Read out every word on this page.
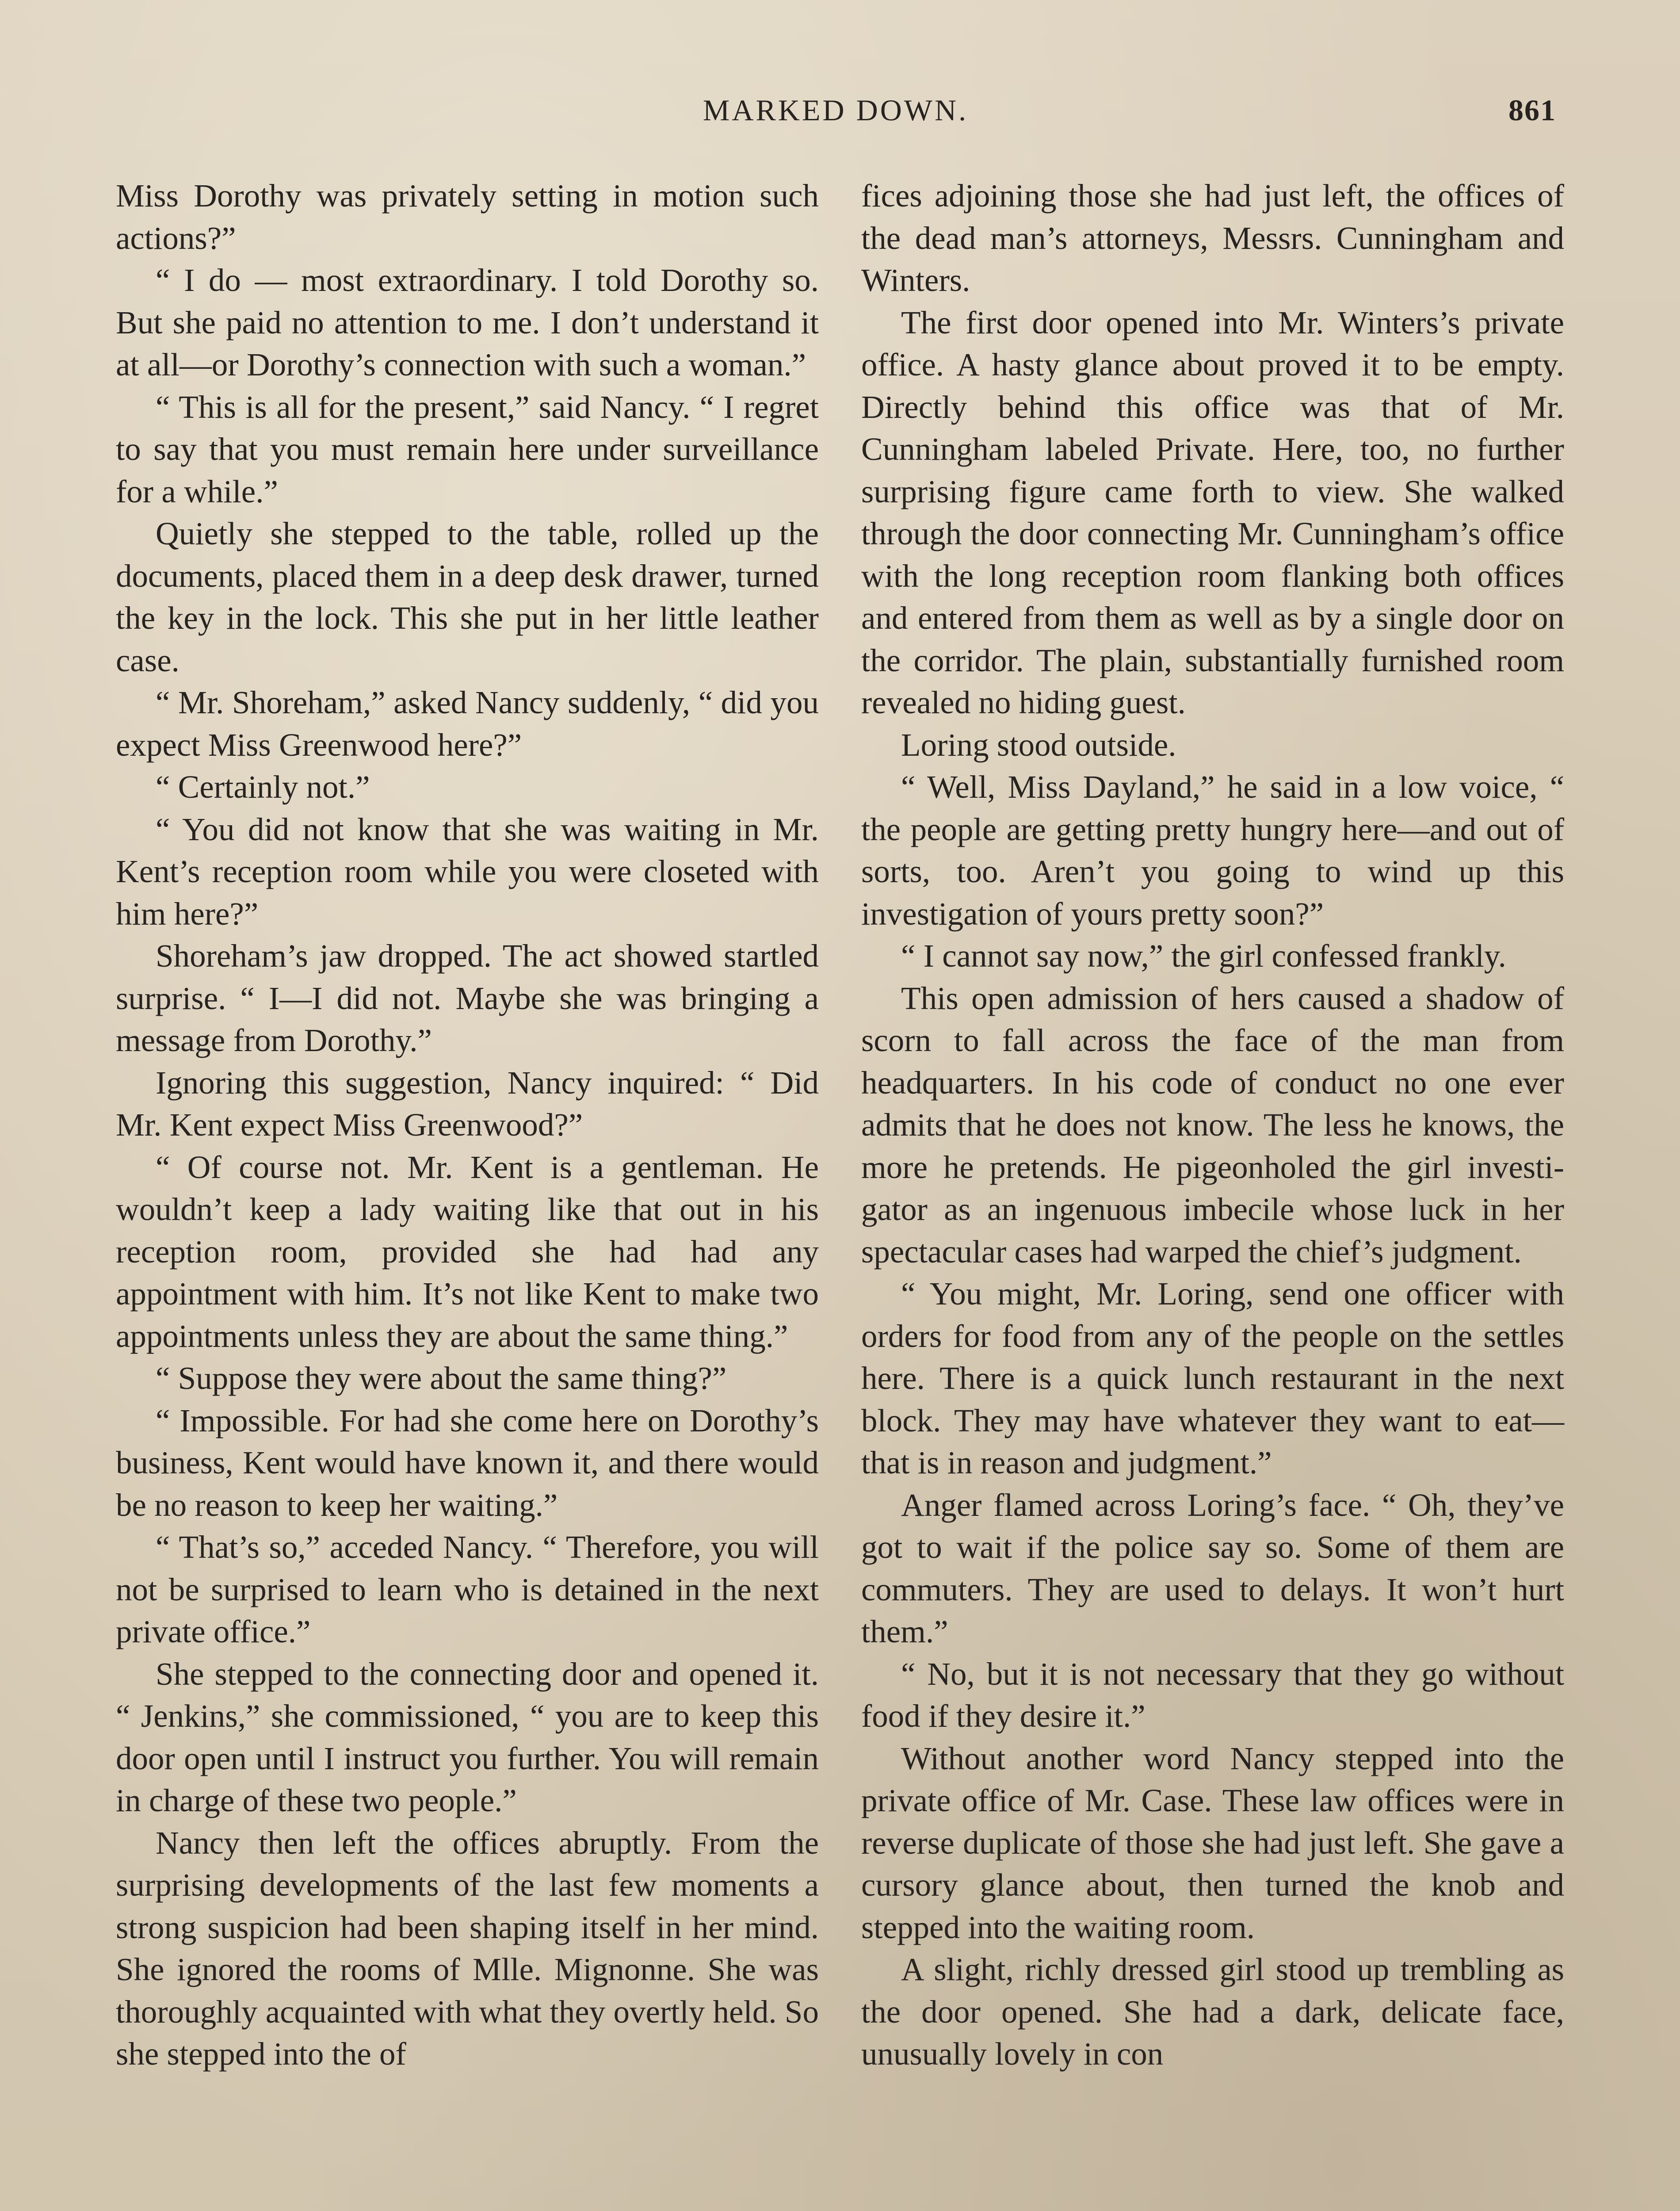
MARKED DOWN.	861

Miss Dorothy was privately setting in motion such actions?”

“ I do — most extraordinary. I told Dorothy so. But she paid no attention to me. I don’t understand it at all—or Dorothy’s connection with such a woman.”

“ This is all for the present,” said Nancy. “ I regret to say that you must remain here under surveillance for a while.”

Quietly she stepped to the table, rolled up the documents, placed them in a deep desk drawer, turned the key in the lock. This she put in her little leather case.

“ Mr. Shoreham,” asked Nancy suddenly, “ did you expect Miss Greenwood here?”

“ Certainly not.”

“ You did not know that she was waiting in Mr. Kent’s reception room while you were closeted with him here?”

Shoreham’s jaw dropped. The act showed startled surprise. “ I—I did not. Maybe she was bringing a message from Dorothy.”

Ignoring this suggestion, Nancy inquired: “ Did Mr. Kent expect Miss Greenwood?”

“ Of course not. Mr. Kent is a gentleman. He wouldn’t keep a lady waiting like that out in his reception room, provided she had had any appointment with him. It’s not like Kent to make two appointments unless they are about the same thing.”

“ Suppose they were about the same thing?”

“ Impossible. For had she come here on Dorothy’s business, Kent would have known it, and there would be no reason to keep her waiting.”

“ That’s so,” acceded Nancy. “ Therefore, you will not be surprised to learn who is detained in the next private office.”

She stepped to the connecting door and opened it. “ Jenkins,” she commissioned, “ you are to keep this door open until I instruct you further. You will remain in charge of these two people.”

Nancy then left the offices abruptly. From the surprising developments of the last few moments a strong suspicion had been shaping itself in her mind. She ignored the rooms of Mlle. Mignonne. She was thoroughly acquainted with what they overtly held. So she stepped into the of

fices adjoining those she had just left, the offices of the dead man’s attorneys, Messrs. Cunningham and Winters.

The first door opened into Mr. Winters’s private office. A hasty glance about proved it to be empty. Directly behind this office was that of Mr. Cunningham labeled Private. Here, too, no further surprising figure came forth to view. She walked through the door connecting Mr. Cunningham’s office with the long reception room flanking both offices and entered from them as well as by a single door on the corridor. The plain, substantially furnished room revealed no hiding guest.

Loring stood outside.

“ Well, Miss Dayland,” he said in a low voice, “ the people are getting pretty hungry here—and out of sorts, too. Aren’t you going to wind up this investigation of yours pretty soon?”

“ I cannot say now,” the girl confessed frankly.

This open admission of hers caused a shadow of scorn to fall across the face of the man from headquarters. In his code of conduct no one ever admits that he does not know. The less he knows, the more he pretends. He pigeonholed the girl investigator as an ingenuous imbecile whose luck in her spectacular cases had warped the chief’s judgment.

“ You might, Mr. Loring, send one officer with orders for food from any of the people on the settles here. There is a quick lunch restaurant in the next block. They may have whatever they want to eat—that is in reason and judgment.”

Anger flamed across Loring’s face. “ Oh, they’ve got to wait if the police say so. Some of them are commuters. They are used to delays. It won’t hurt them.”

“ No, but it is not necessary that they go without food if they desire it.”

Without another word Nancy stepped into the private office of Mr. Case. These law offices were in reverse duplicate of those she had just left. She gave a cursory glance about, then turned the knob and stepped into the waiting room.

A slight, richly dressed girl stood up trembling as the door opened. She had a dark, delicate face, unusually lovely in con
